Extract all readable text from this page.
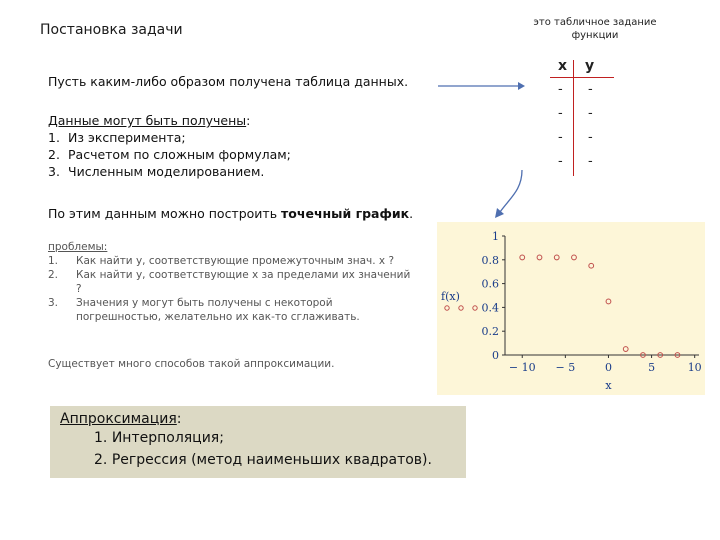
Постановка задачи
Пусть каким-либо образом получена таблица данных.
это табличное задание функции
x y
- -
- -
- -
- -
Данные могут быть получены:
1. Из эксперимента;
2. Расчетом по сложным формулам;
3. Численным моделированием.
По этим данным можно построить точечный график.
проблемы:
1.	Как найти y, соответствующие промежуточным знач. x ?
2.	Как найти y, соответствующие x за пределами их значений ?
3.	Значения y могут быть получены с некоторой погрешностью, желательно их как-то сглаживать.
Существует много способов такой аппроксимации.
Аппроксимация:
1. Интерполяция;
2. Регрессия (метод наименьших квадратов).
0
0.2
0.4
0.6
0.8
1
− 10 − 5	0	5	10
f(x)
x
